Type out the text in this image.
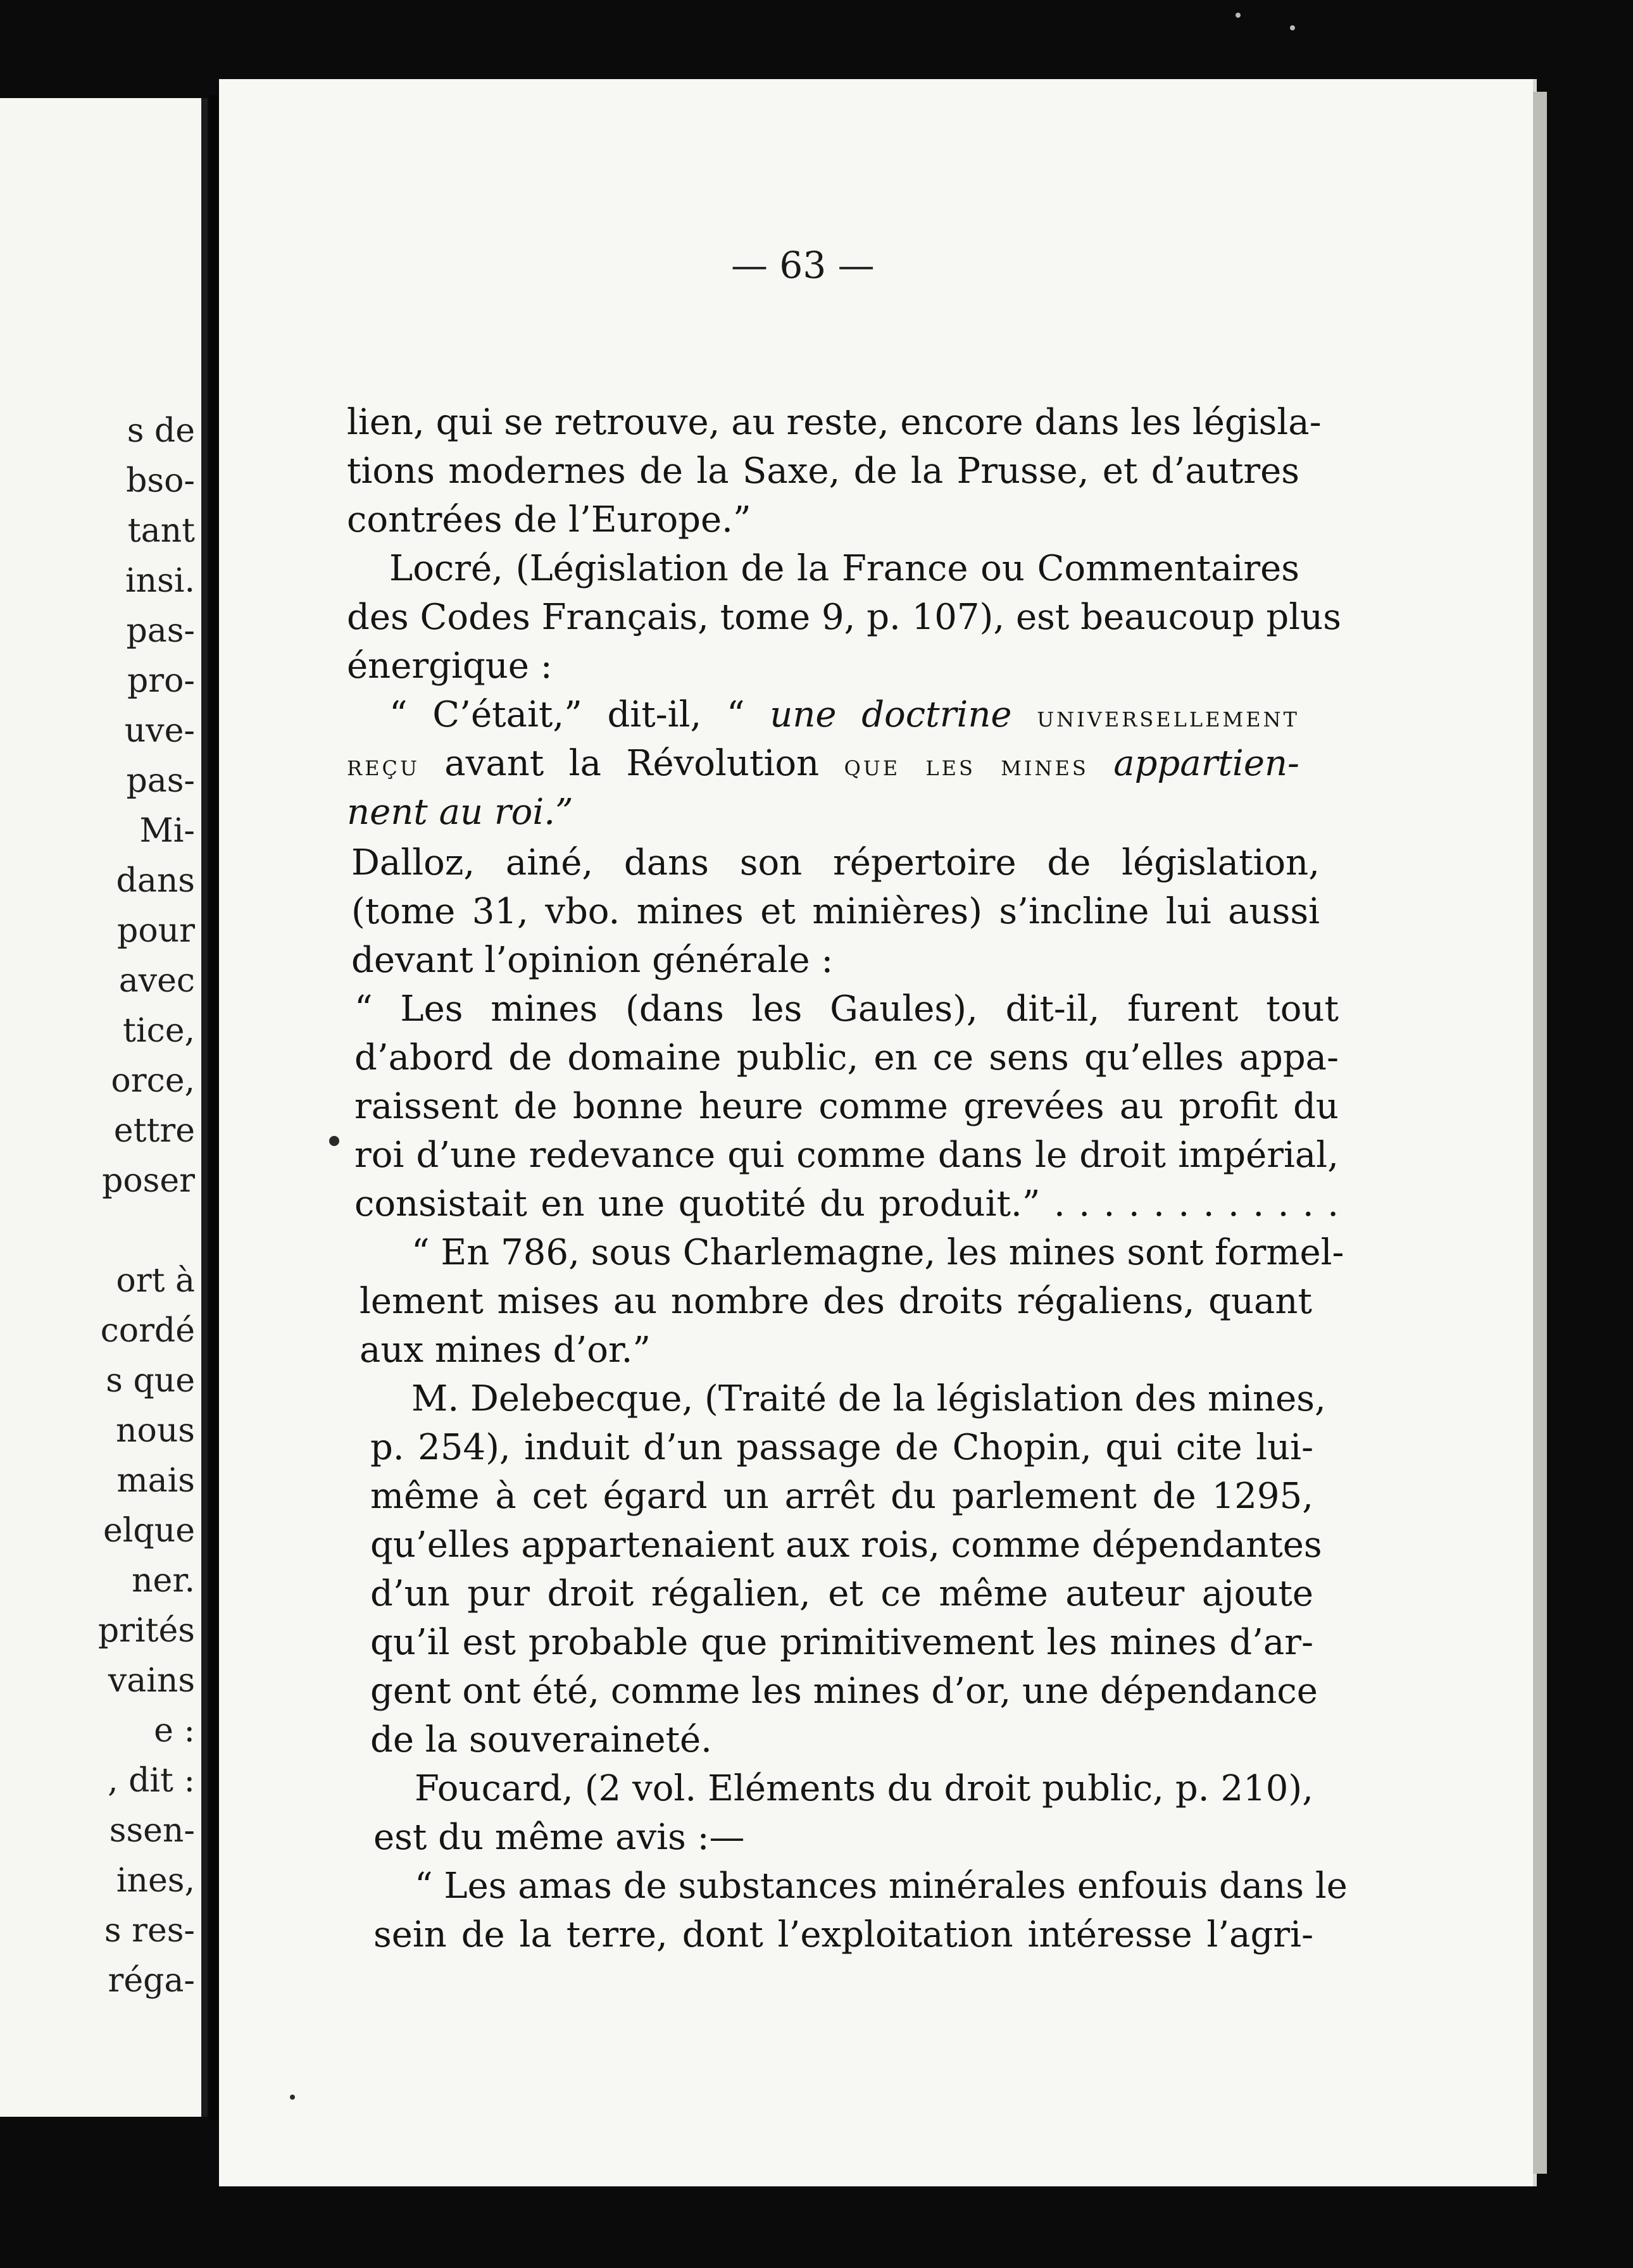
s de

bso-

tant

insi.

pas-

pro-

uve-

pas-

Mi-

dans

pour

avec

tice,

orce,

ettre

poser

ort à

cordé

s que

nous

mais

elque

ner.

prités

vains

e :

, dit :

ssen-

ines,

s res-

réga-

— 63 —

lien, qui se retrouve, au reste, encore dans les législa-

tions modernes de la Saxe, de la Prusse, et d’autres

contrées de l’Europe.”

Locré, (Législation de la France ou Commentaires

des Codes Français, tome 9, p. 107), est beaucoup plus

énergique :

“ C’était,” dit-il, “ une doctrine universellement

reçu avant la Révolution que les mines appartien-

nent au roi.”

Dalloz, ainé, dans son répertoire de législation,

(tome 31, vbo. mines et minières) s’incline lui aussi

devant l’opinion générale :

“ Les mines (dans les Gaules), dit-il, furent tout

d’abord de domaine public, en ce sens qu’elles appa-

raissent de bonne heure comme grevées au profit du

roi d’une redevance qui comme dans le droit impérial,

consistait en une quotité du produit.” . . . . . . . . . . . .

“ En 786, sous Charlemagne, les mines sont formel-

lement mises au nombre des droits régaliens, quant

aux mines d’or.”

M. Delebecque, (Traité de la législation des mines,

p. 254), induit d’un passage de Chopin, qui cite lui-

même à cet égard un arrêt du parlement de 1295,

qu’elles appartenaient aux rois, comme dépendantes

d’un pur droit régalien, et ce même auteur ajoute

qu’il est probable que primitivement les mines d’ar-

gent ont été, comme les mines d’or, une dépendance

de la souveraineté.

Foucard, (2 vol. Eléments du droit public, p. 210),

est du même avis :—

“ Les amas de substances minérales enfouis dans le

sein de la terre, dont l’exploitation intéresse l’agri-
